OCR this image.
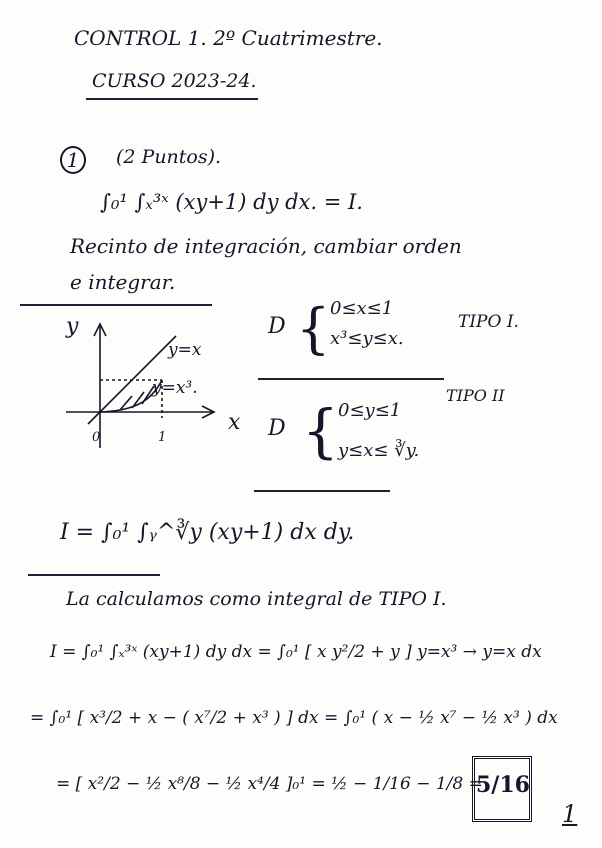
CONTROL 1. 2º Cuatrimestre.
CURSO 2023-24.
1	(2 Puntos).
∫₀¹ ∫ₓ³ˣ (xy+1) dy dx. = I.
Recinto de integración, cambiar orden
e integrar.
y
x
y=x
y=x³.
0	1
D { 0≤x≤1
x³≤y≤x.
TIPO I.
D { 0≤y≤1
y≤x≤ ∛y.
TIPO II
I = ∫₀¹ ∫ᵧ^∛y (xy+1) dx dy.
La calculamos como integral de TIPO I.
I = ∫₀¹ ∫ₓ³ˣ (xy+1) dy dx = ∫₀¹ [ x y²/2 + y ] y=x³ → y=x dx
= ∫₀¹ [ x³/2 + x − ( x⁷/2 + x³ ) ] dx = ∫₀¹ ( x − ½ x⁷ − ½ x³ ) dx
= [ x²/2 − ½ x⁸/8 − ½ x⁴/4 ]₀¹ = ½ − 1/16 − 1/8 =
5/16
1
